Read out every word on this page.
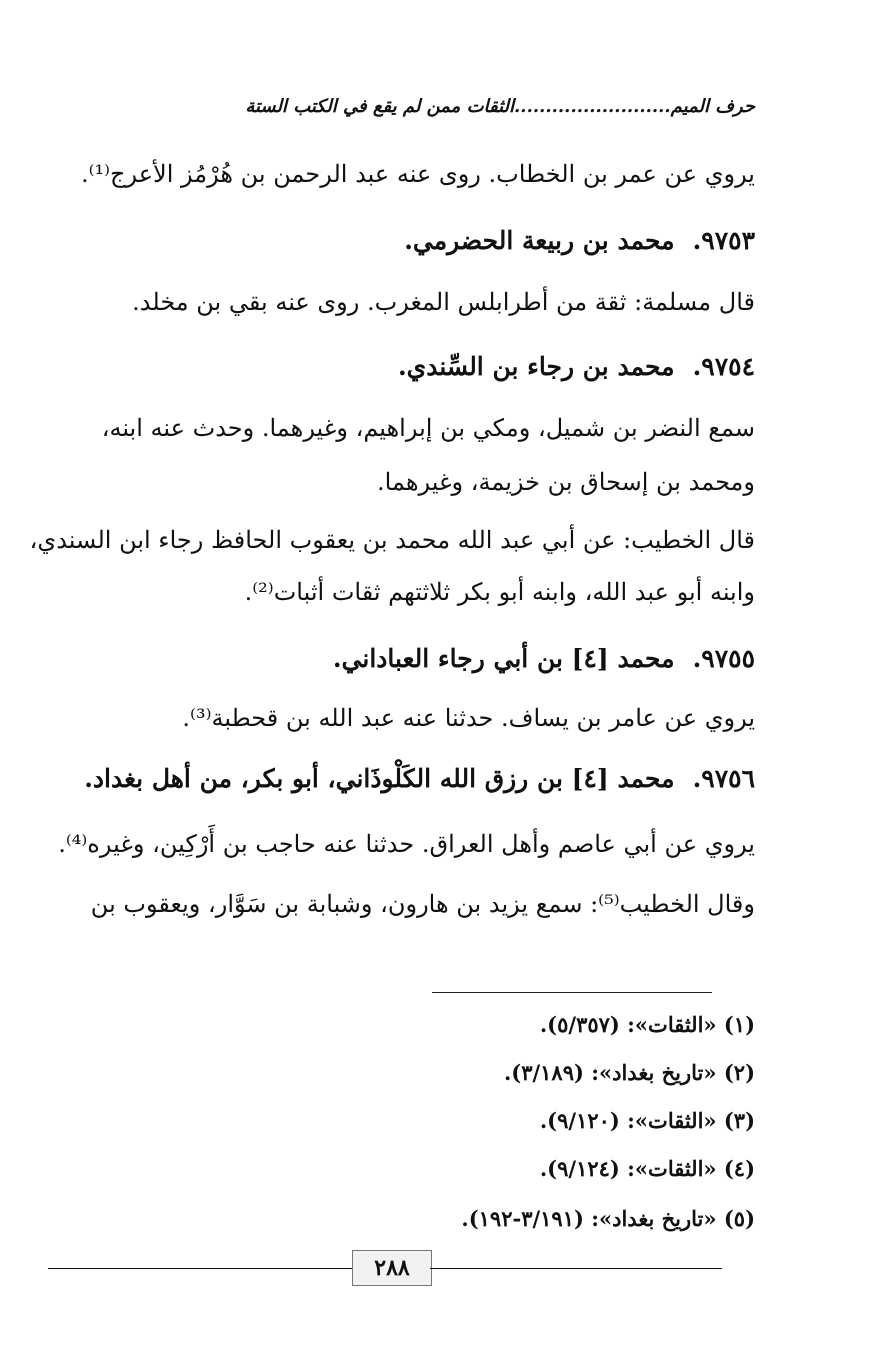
حرف الميم.........................الثقات ممن لم يقع في الكتب الستة
يروي عن عمر بن الخطاب. روى عنه عبد الرحمن بن هُرْمُز الأعرج⁽¹⁾.
٩٧٥٣.محمد بن ربيعة الحضرمي.
قال مسلمة: ثقة من أطرابلس المغرب. روى عنه بقي بن مخلد.
٩٧٥٤.محمد بن رجاء بن السِّندي.
سمع النضر بن شميل، ومكي بن إبراهيم، وغيرهما. وحدث عنه ابنه،
ومحمد بن إسحاق بن خزيمة، وغيرهما.
قال الخطيب: عن أبي عبد الله محمد بن يعقوب الحافظ رجاء ابن السندي،
وابنه أبو عبد الله، وابنه أبو بكر ثلاثتهم ثقات أثبات⁽²⁾.
٩٧٥٥.محمد [٤] بن أبي رجاء العباداني.
يروي عن عامر بن يساف. حدثنا عنه عبد الله بن قحطبة⁽³⁾.
٩٧٥٦.محمد [٤] بن رزق الله الكَلْوذَاني، أبو بكر، من أهل بغداد.
يروي عن أبي عاصم وأهل العراق. حدثنا عنه حاجب بن أَرْكِين، وغيره⁽⁴⁾.
وقال الخطيب⁽⁵⁾: سمع يزيد بن هارون، وشبابة بن سَوَّار، ويعقوب بن
(١) «الثقات»: (٥/٣٥٧).
(٢) «تاريخ بغداد»: (٣/١٨٩).
(٣) «الثقات»: (٩/١٢٠).
(٤) «الثقات»: (٩/١٢٤).
(٥) «تاريخ بغداد»: (٣/١٩١-١٩٢).
٢٨٨
